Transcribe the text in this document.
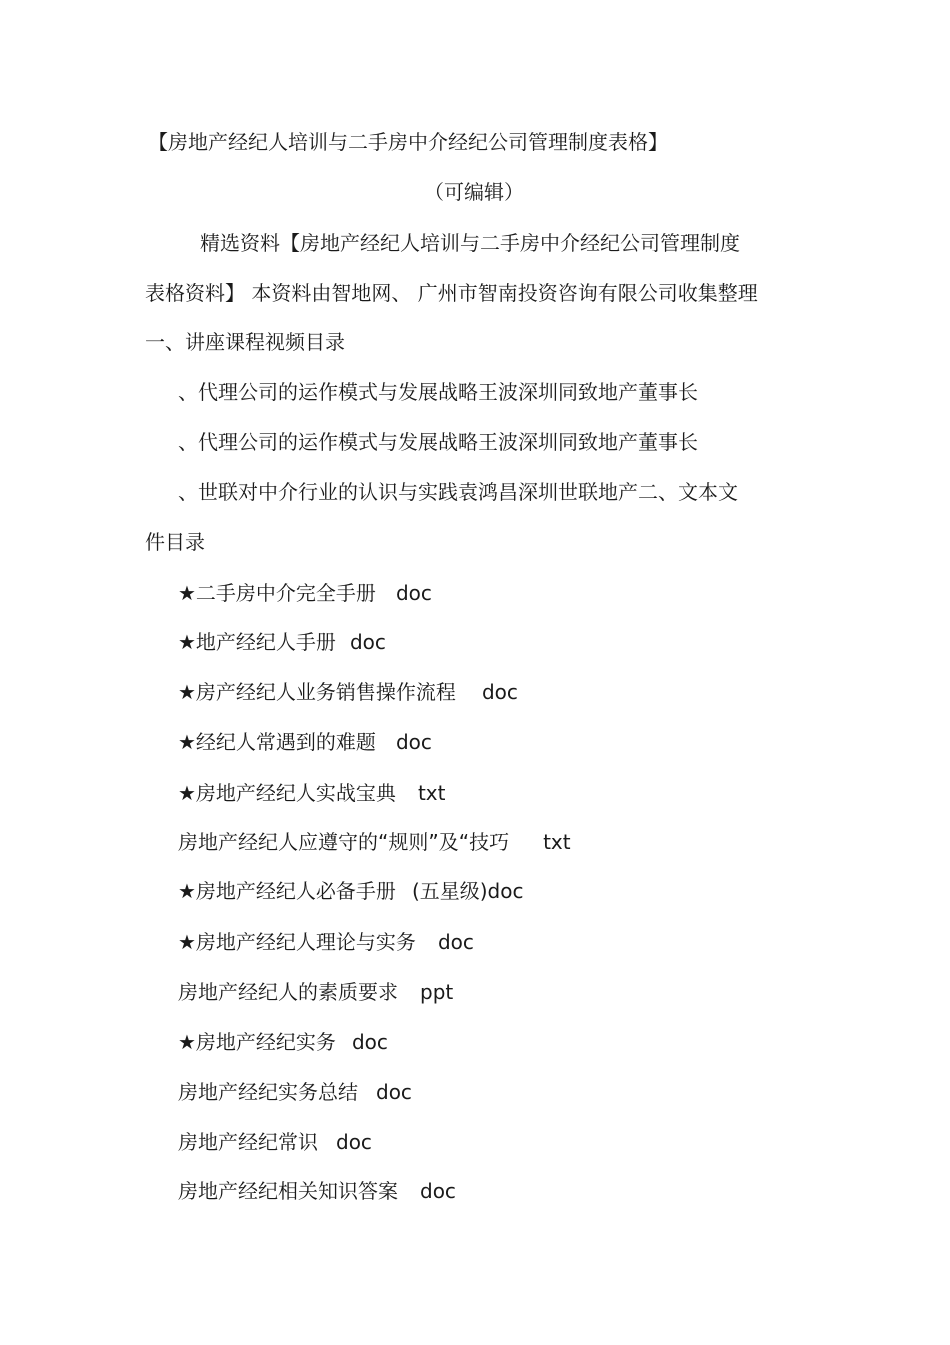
【房地产经纪人培训与二手房中介经纪公司管理制度表格】
（可编辑）
精选资料【房地产经纪人培训与二手房中介经纪公司管理制度
表格资料】 本资料由智地网、 广州市智南投资咨询有限公司收集整理
一、讲座课程视频目录
、代理公司的运作模式与发展战略王波深圳同致地产董事长
、代理公司的运作模式与发展战略王波深圳同致地产董事长
、世联对中介行业的认识与实践袁鸿昌深圳世联地产二、文本文
件目录
★二手房中介完全手册 doc
★地产经纪人手册 doc
★房产经纪人业务销售操作流程 doc
★经纪人常遇到的难题 doc
★房地产经纪人实战宝典 txt
房地产经纪人应遵守的“规则”及“技巧 txt
★房地产经纪人必备手册 (五星级)doc
★房地产经纪人理论与实务 doc
房地产经纪人的素质要求 ppt
★房地产经纪实务 doc
房地产经纪实务总结 doc
房地产经纪常识 doc
房地产经纪相关知识答案 doc
